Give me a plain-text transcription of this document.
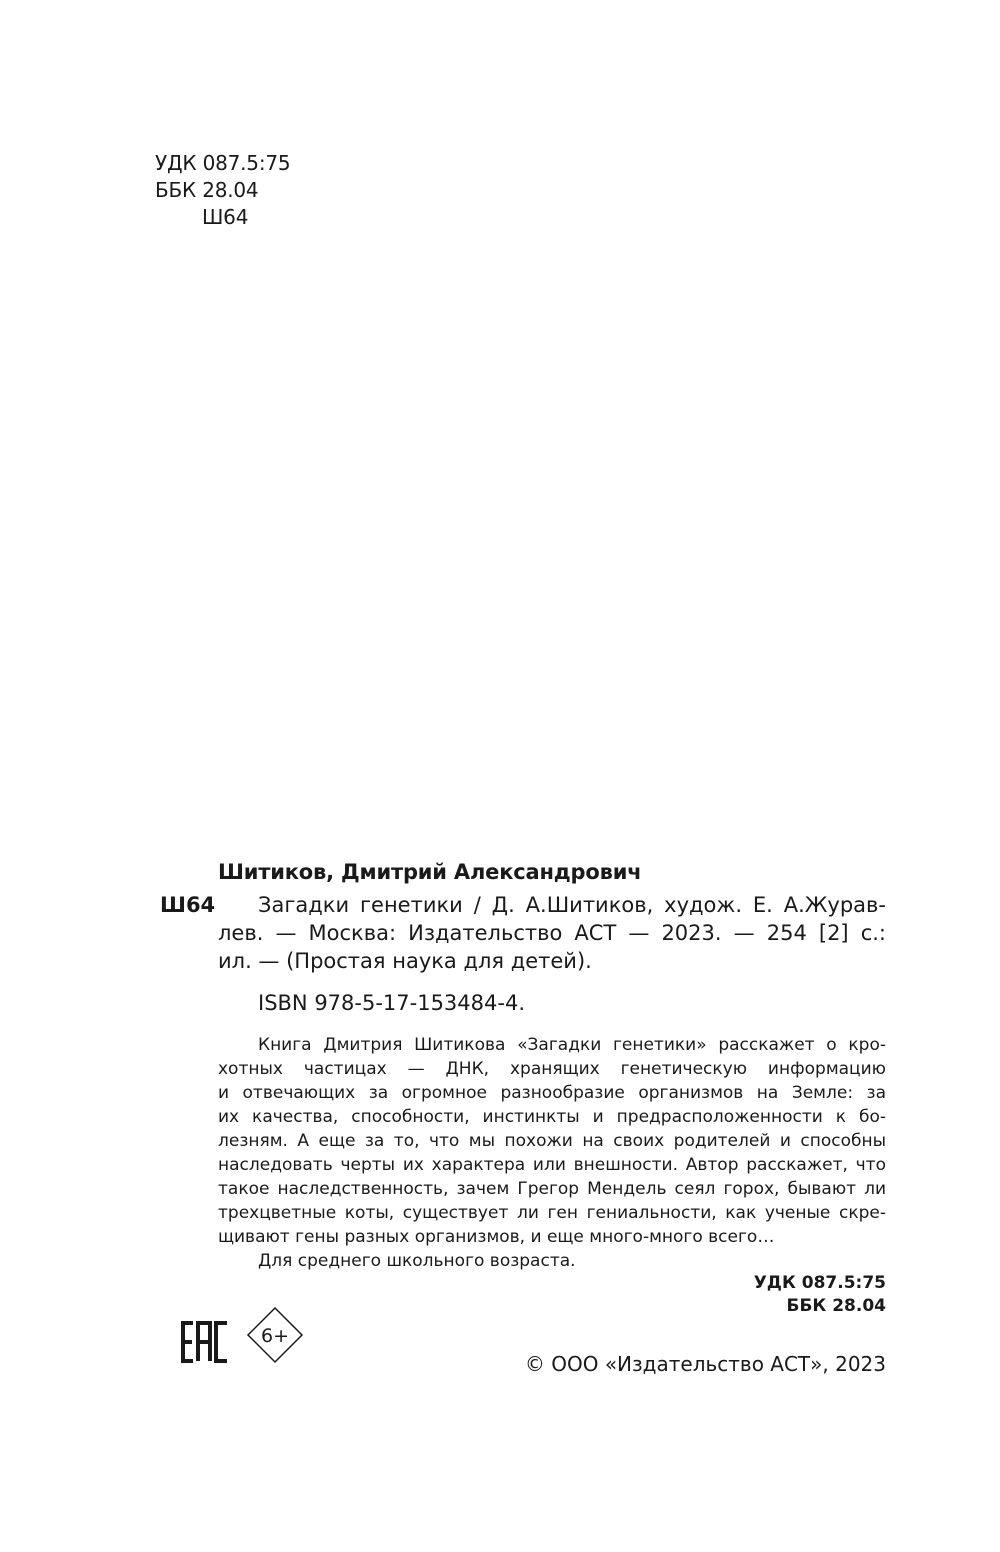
УДК 087.5:75
ББК 28.04
Ш64
Шитиков, Дмитрий Александрович
Ш64 Загадки генетики / Д. А.Шитиков, худож. Е. А.Журав-
лев. — Москва: Издательство АСТ — 2023. — 254 [2] с.:
ил. — (Простая наука для детей).
ISBN 978-5-17-153484-4.
Книга Дмитрия Шитикова «Загадки генетики» расскажет о кро-
хотных частицах — ДНК, хранящих генетическую информацию
и отвечающих за огромное разнообразие организмов на Земле: за
их качества, способности, инстинкты и предрасположенности к бо-
лезням. А еще за то, что мы похожи на своих родителей и способны
наследовать черты их характера или внешности. Автор расскажет, что
такое наследственность, зачем Грегор Мендель сеял горох, бывают ли
трехцветные коты, существует ли ген гениальности, как ученые скре-
щивают гены разных организмов, и еще много-много всего…
Для среднего школьного возраста.
УДК 087.5:75
ББК 28.04
6+
© ООО «Издательство АСТ», 2023
